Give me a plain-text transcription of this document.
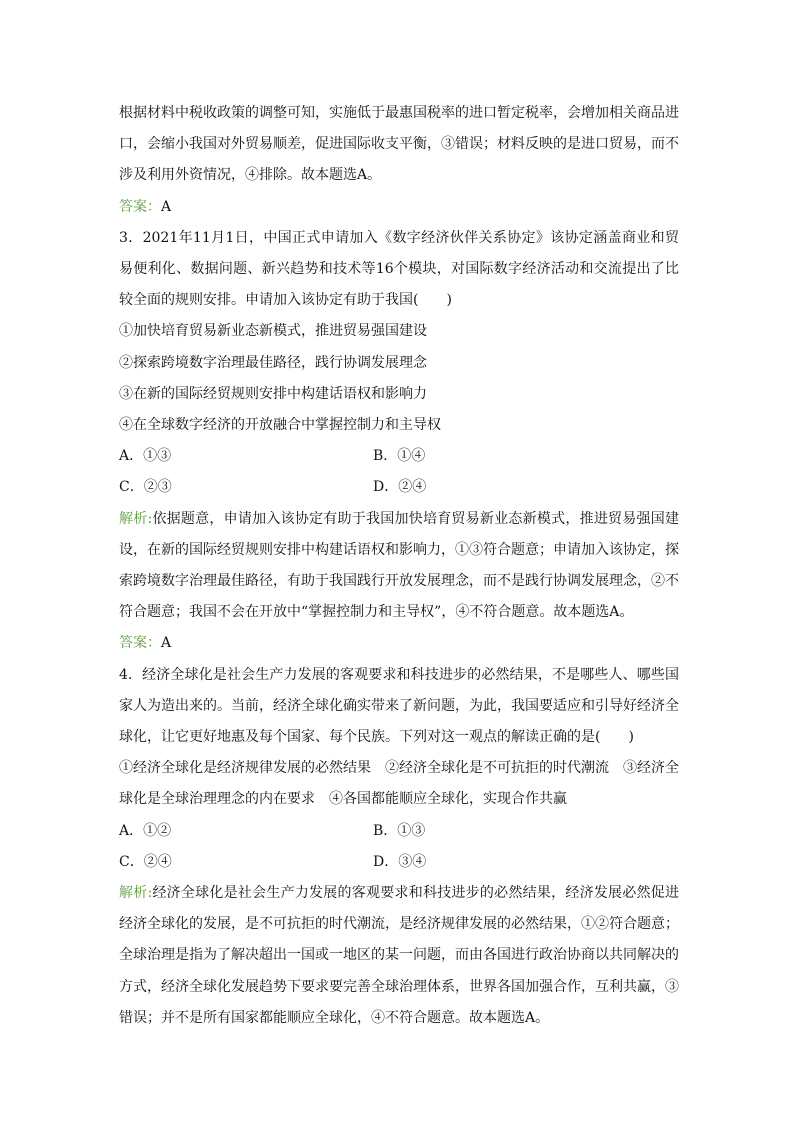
根据材料中税收政策的调整可知，实施低于最惠国税率的进口暂定税率，会增加相关商品进口，会缩小我国对外贸易顺差，促进国际收支平衡，③错误；材料反映的是进口贸易，而不涉及利用外资情况，④排除。故本题选A。

答案：A

3．2021年11月1日，中国正式申请加入《数字经济伙伴关系协定》该协定涵盖商业和贸易便利化、数据问题、新兴趋势和技术等16个模块，对国际数字经济活动和交流提出了比较全面的规则安排。申请加入该协定有助于我国(　　)

①加快培育贸易新业态新模式，推进贸易强国建设

②探索跨境数字治理最佳路径，践行协调发展理念

③在新的国际经贸规则安排中构建话语权和影响力

④在全球数字经济的开放融合中掌握控制力和主导权

A．①③	B．①④
C．②③	D．②④

解析:依据题意，申请加入该协定有助于我国加快培育贸易新业态新模式，推进贸易强国建设，在新的国际经贸规则安排中构建话语权和影响力，①③符合题意；申请加入该协定，探索跨境数字治理最佳路径，有助于我国践行开放发展理念，而不是践行协调发展理念，②不符合题意；我国不会在开放中“掌握控制力和主导权”，④不符合题意。故本题选A。

答案：A

4．经济全球化是社会生产力发展的客观要求和科技进步的必然结果，不是哪些人、哪些国家人为造出来的。当前，经济全球化确实带来了新问题，为此，我国要适应和引导好经济全球化，让它更好地惠及每个国家、每个民族。下列对这一观点的解读正确的是(　　)

①经济全球化是经济规律发展的必然结果　②经济全球化是不可抗拒的时代潮流　③经济全球化是全球治理理念的内在要求　④各国都能顺应全球化，实现合作共赢

A．①②	B．①③
C．②④	D．③④

解析:经济全球化是社会生产力发展的客观要求和科技进步的必然结果，经济发展必然促进经济全球化的发展，是不可抗拒的时代潮流，是经济规律发展的必然结果，①②符合题意；全球治理是指为了解决超出一国或一地区的某一问题，而由各国进行政治协商以共同解决的方式，经济全球化发展趋势下要求要完善全球治理体系，世界各国加强合作，互利共赢，③错误；并不是所有国家都能顺应全球化，④不符合题意。故本题选A。
